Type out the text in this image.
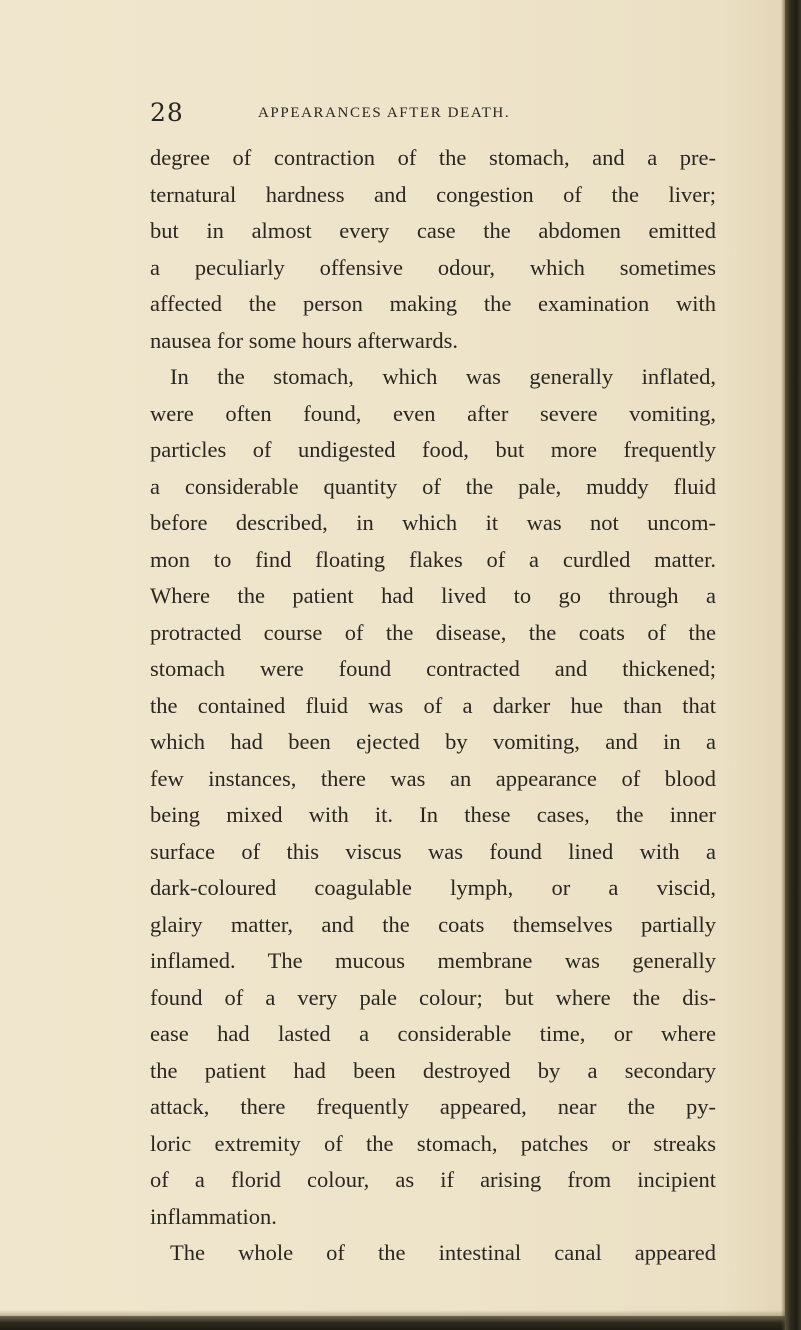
28	APPEARANCES AFTER DEATH.
degree of contraction of the stomach, and a pre-
ternatural hardness and congestion of the liver;
but in almost every case the abdomen emitted
a peculiarly offensive odour, which sometimes
affected the person making the examination with
nausea for some hours afterwards.
In the stomach, which was generally inflated,
were often found, even after severe vomiting,
particles of undigested food, but more frequently
a considerable quantity of the pale, muddy fluid
before described, in which it was not uncom-
mon to find floating flakes of a curdled matter.
Where the patient had lived to go through a
protracted course of the disease, the coats of the
stomach were found contracted and thickened;
the contained fluid was of a darker hue than that
which had been ejected by vomiting, and in a
few instances, there was an appearance of blood
being mixed with it. In these cases, the inner
surface of this viscus was found lined with a
dark-coloured coagulable lymph, or a viscid,
glairy matter, and the coats themselves partially
inflamed. The mucous membrane was generally
found of a very pale colour; but where the dis-
ease had lasted a considerable time, or where
the patient had been destroyed by a secondary
attack, there frequently appeared, near the py-
loric extremity of the stomach, patches or streaks
of a florid colour, as if arising from incipient
inflammation.
The whole of the intestinal canal appeared
